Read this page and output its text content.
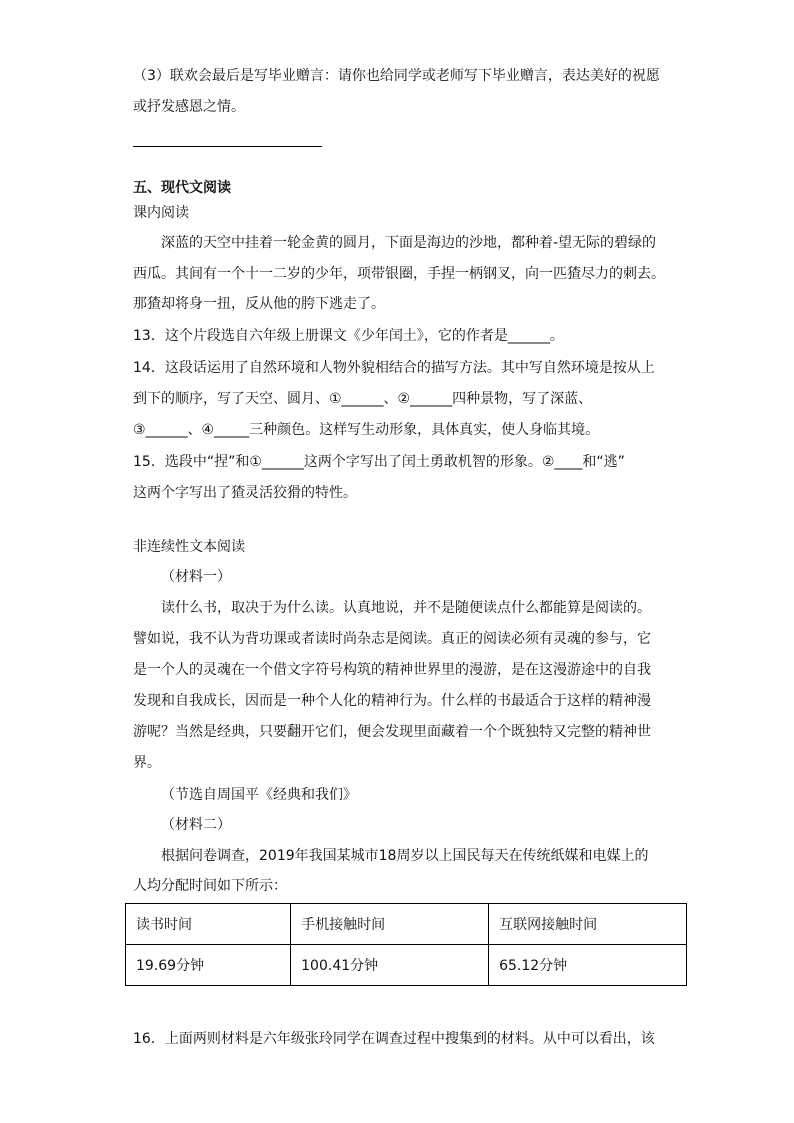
（3）联欢会最后是写毕业赠言：请你也给同学或老师写下毕业赠言，表达美好的祝愿
或抒发感恩之情。
五、现代文阅读
课内阅读
深蓝的天空中挂着一轮金黄的圆月，下面是海边的沙地，都种着-望无际的碧绿的
西瓜。其间有一个十一二岁的少年，项带银圈，手捏一柄钢叉，向一匹猹尽力的刺去。
那猹却将身一扭，反从他的胯下逃走了。
13．这个片段选自六年级上册课文《少年闰土》，它的作者是______。
14．这段话运用了自然环境和人物外貌相结合的描写方法。其中写自然环境是按从上
到下的顺序，写了天空、圆月、①______、②______四种景物，写了深蓝、
③______、④_____三种颜色。这样写生动形象，具体真实，使人身临其境。
15．选段中“捏”和①______这两个字写出了闰土勇敢机智的形象。②____和“逃”
这两个字写出了猹灵活狡猾的特性。
非连续性文本阅读
（材料一）
读什么书，取决于为什么读。认真地说，并不是随便读点什么都能算是阅读的。
譬如说，我不认为背功课或者读时尚杂志是阅读。真正的阅读必须有灵魂的参与，它
是一个人的灵魂在一个借文字符号构筑的精神世界里的漫游，是在这漫游途中的自我
发现和自我成长，因而是一种个人化的精神行为。什么样的书最适合于这样的精神漫
游呢？当然是经典，只要翻开它们，便会发现里面藏着一个个既独特又完整的精神世
界。
（节选自周国平《经典和我们》
（材料二）
根据问卷调查，2019年我国某城市18周岁以上国民每天在传统纸媒和电媒上的
人均分配时间如下所示：
读书时间	手机接触时间	互联网接触时间
19.69分钟	100.41分钟	65.12分钟
16．上面两则材料是六年级张玲同学在调查过程中搜集到的材料。从中可以看出，该
